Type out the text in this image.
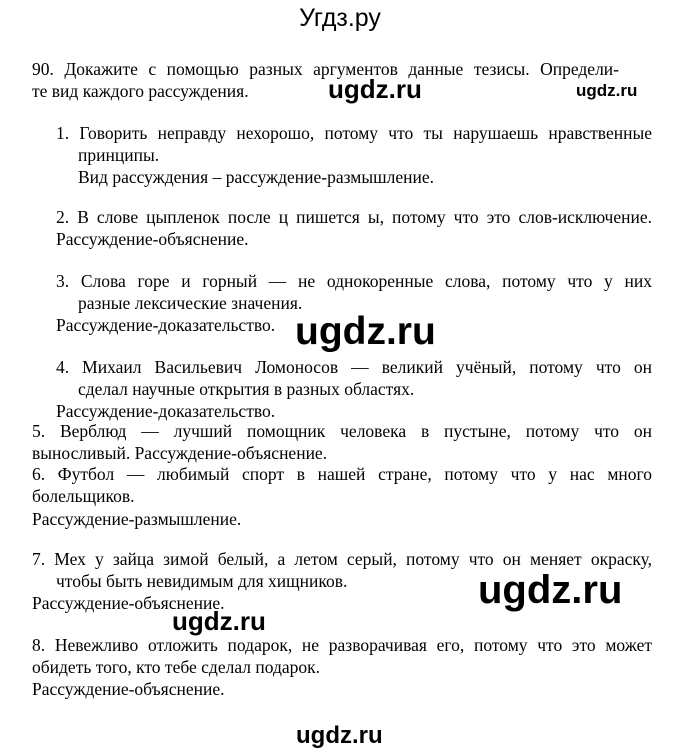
Угдз.ру
90. Докажите с помощью разных аргументов данные тезисы. Определи-
те вид каждого рассуждения.
1. Говорить неправду нехорошо, потому что ты нарушаешь нравственные
принципы.
Вид рассуждения – рассуждение-размышление.
2. В слове цыпленок после ц пишется ы, потому что это слов-исключение.
Рассуждение-объяснение.
3. Слова горе и горный — не однокоренные слова, потому что у них
разные лексические значения.
Рассуждение-доказательство.
4. Михаил Васильевич Ломоносов — великий учёный, потому что он
сделал научные открытия в разных областях.
Рассуждение-доказательство.
5. Верблюд — лучший помощник человека в пустыне, потому что он
выносливый. Рассуждение-объяснение.
6. Футбол — любимый спорт в нашей стране, потому что у нас много
болельщиков.
Рассуждение-размышление.
7. Мех у зайца зимой белый, а летом серый, потому что он меняет окраску,
чтобы быть невидимым для хищников.
Рассуждение-объяснение.
8. Невежливо отложить подарок, не разворачивая его, потому что это может
обидеть того, кто тебе сделал подарок.
Рассуждение-объяснение.
ugdz.ru	ugdz.ru
ugdz.ru
ugdz.ru
ugdz.ru
ugdz.ru
